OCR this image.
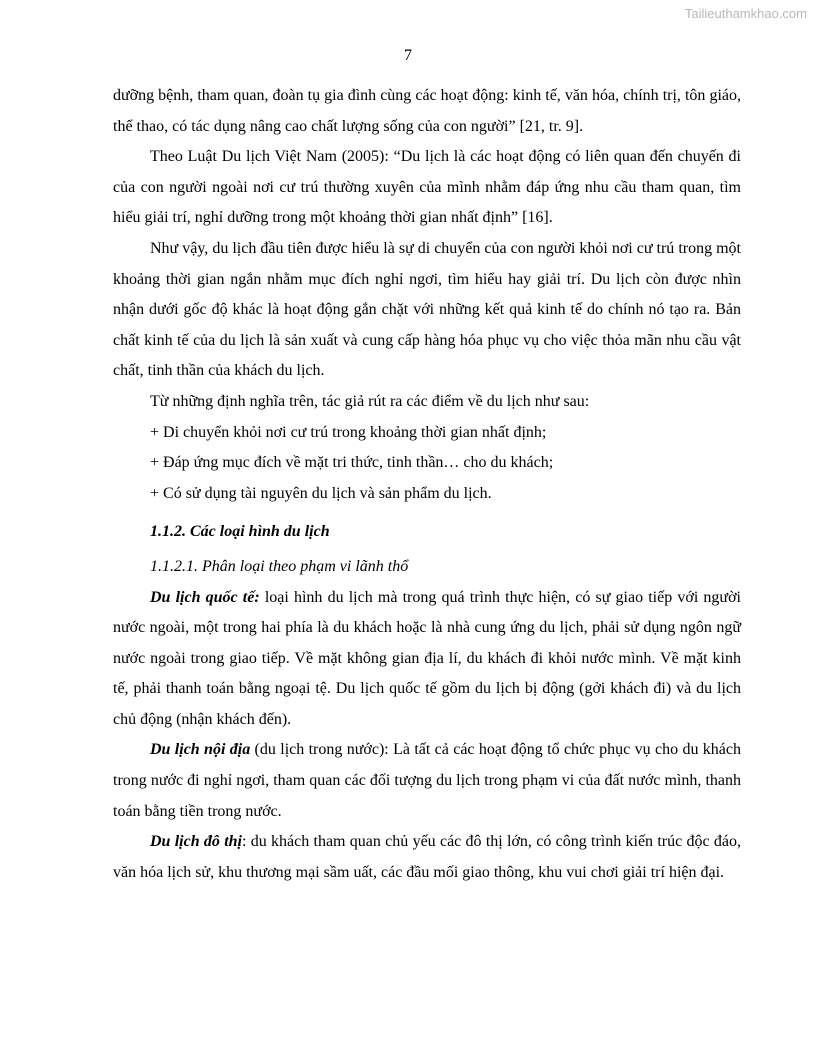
Tailieuthamkhao.com
7

dưỡng bệnh, tham quan, đoàn tụ gia đình cùng các hoạt động: kinh tế, văn hóa, chính trị, tôn giáo, thể thao, có tác dụng nâng cao chất lượng sống của con người” [21, tr. 9].

Theo Luật Du lịch Việt Nam (2005): “Du lịch là các hoạt động có liên quan đến chuyến đi của con người ngoài nơi cư trú thường xuyên của mình nhằm đáp ứng nhu cầu tham quan, tìm hiểu giải trí, nghỉ dưỡng trong một khoảng thời gian nhất định” [16].

Như vậy, du lịch đầu tiên được hiểu là sự di chuyển của con người khỏi nơi cư trú trong một khoảng thời gian ngắn nhằm mục đích nghỉ ngơi, tìm hiểu hay giải trí. Du lịch còn được nhìn nhận dưới gốc độ khác là hoạt động gắn chặt với những kết quả kinh tế do chính nó tạo ra. Bản chất kinh tế của du lịch là sản xuất và cung cấp hàng hóa phục vụ cho việc thỏa mãn nhu cầu vật chất, tinh thần của khách du lịch.

Từ những định nghĩa trên, tác giả rút ra các điểm về du lịch như sau:

+ Di chuyển khỏi nơi cư trú trong khoảng thời gian nhất định;

+ Đáp ứng mục đích về mặt tri thức, tinh thần… cho du khách;

+ Có sử dụng tài nguyên du lịch và sản phẩm du lịch.

1.1.2. Các loại hình du lịch

1.1.2.1. Phân loại theo phạm vi lãnh thổ

Du lịch quốc tế: loại hình du lịch mà trong quá trình thực hiện, có sự giao tiếp với người nước ngoài, một trong hai phía là du khách hoặc là nhà cung ứng du lịch, phải sử dụng ngôn ngữ nước ngoài trong giao tiếp. Về mặt không gian địa lí, du khách đi khỏi nước mình. Về mặt kinh tế, phải thanh toán bằng ngoại tệ. Du lịch quốc tế gồm du lịch bị động (gởi khách đi) và du lịch chủ động (nhận khách đến).

Du lịch nội địa (du lịch trong nước): Là tất cả các hoạt động tổ chức phục vụ cho du khách trong nước đi nghỉ ngơi, tham quan các đối tượng du lịch trong phạm vi của đất nước mình, thanh toán bằng tiền trong nước.

Du lịch đô thị: du khách tham quan chủ yếu các đô thị lớn, có công trình kiến trúc độc đáo, văn hóa lịch sử, khu thương mại sầm uất, các đầu mối giao thông, khu vui chơi giải trí hiện đại.
